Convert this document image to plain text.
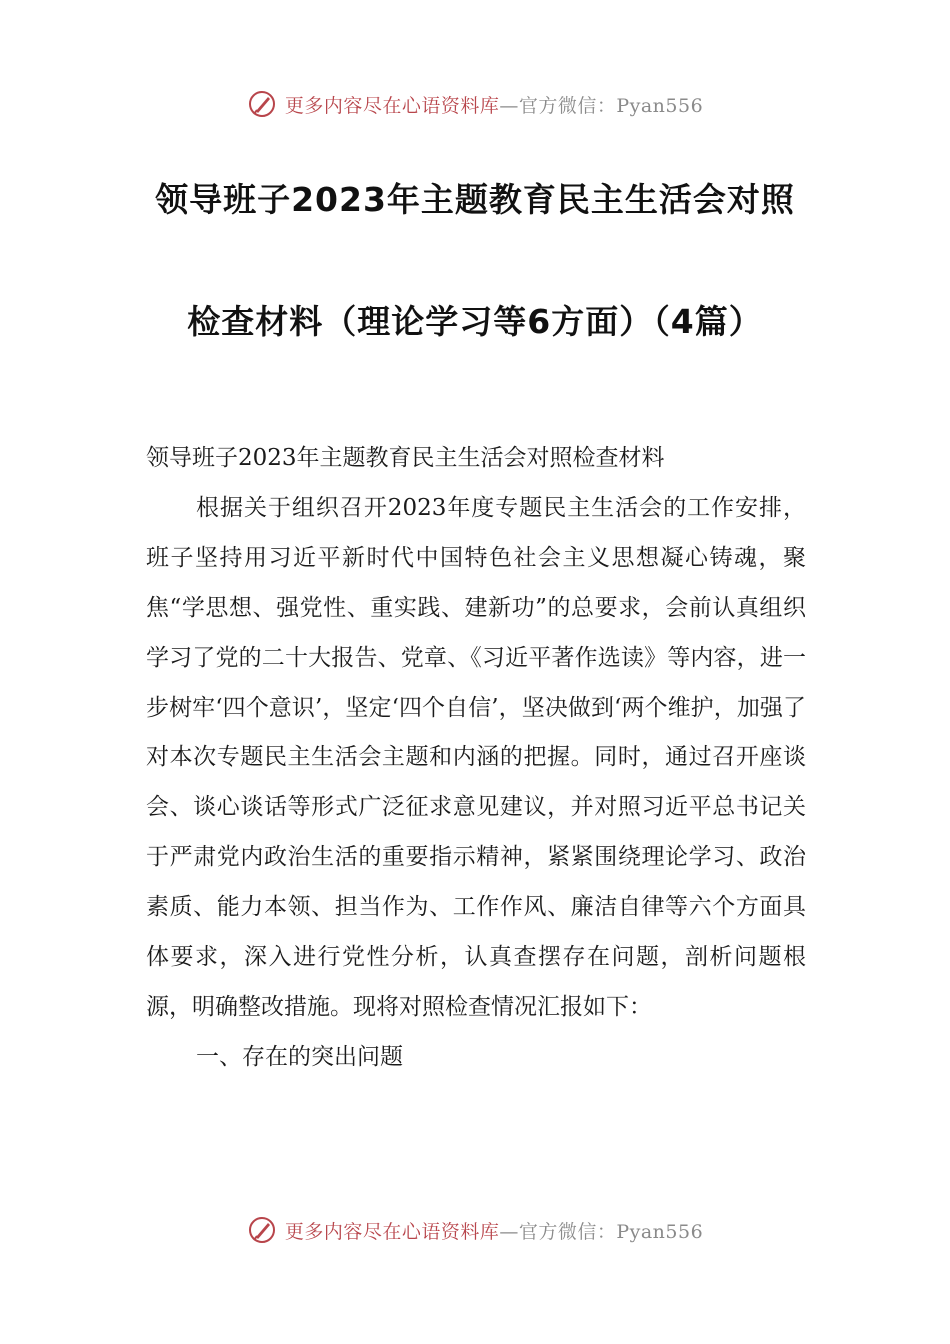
更多内容尽在心语资料库—官方微信：Pyan556
领导班子2023年主题教育民主生活会对照
检查材料（理论学习等6方面）（4篇）

领导班子2023年主题教育民主生活会对照检查材料

根据关于组织召开2023年度专题民主生活会的工作安排，班子坚持用习近平新时代中国特色社会主义思想凝心铸魂，聚焦“学思想、强党性、重实践、建新功”的总要求，会前认真组织学习了党的二十大报告、党章、《习近平著作选读》等内容，进一步树牢‘四个意识’，坚定‘四个自信’，坚决做到‘两个维护，加强了对本次专题民主生活会主题和内涵的把握。同时，通过召开座谈会、谈心谈话等形式广泛征求意见建议，并对照习近平总书记关于严肃党内政治生活的重要指示精神，紧紧围绕理论学习、政治素质、能力本领、担当作为、工作作风、廉洁自律等六个方面具体要求，深入进行党性分析，认真查摆存在问题，剖析问题根源，明确整改措施。现将对照检查情况汇报如下：

一、存在的突出问题

更多内容尽在心语资料库—官方微信：Pyan556
